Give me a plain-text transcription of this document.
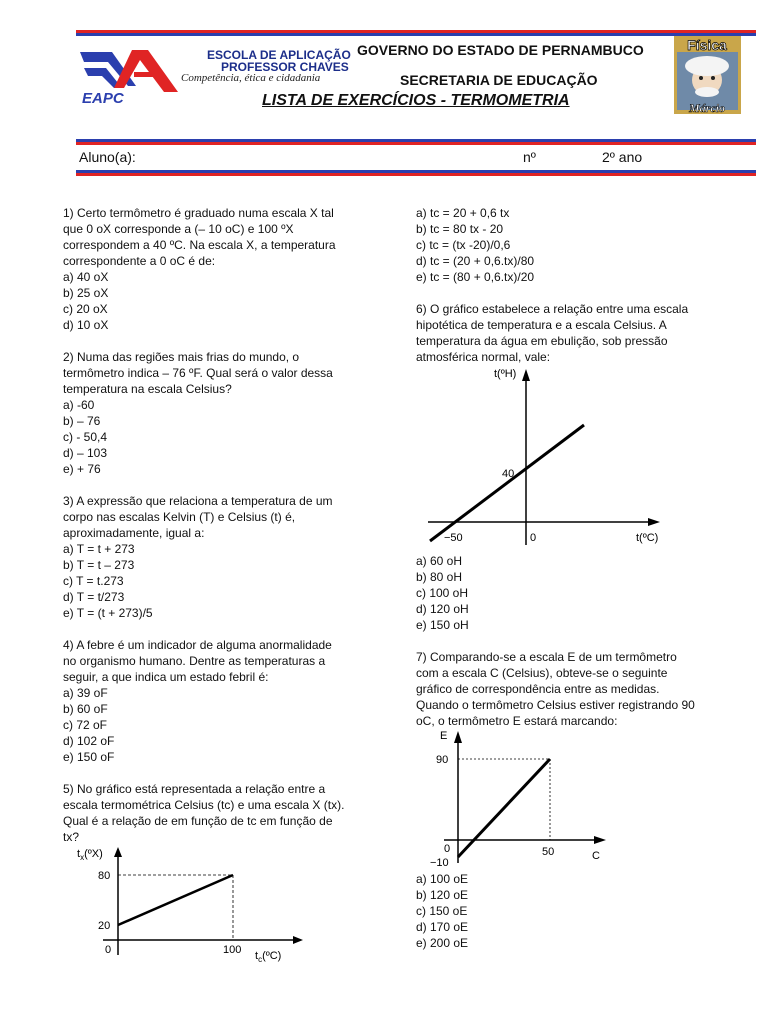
EAPC
ESCOLA DE APLICAÇÃO
PROFESSOR CHAVES
Competência, ética e cidadania
GOVERNO DO ESTADO DE PERNAMBUCO
SECRETARIA DE EDUCAÇÃO
LISTA DE EXERCÍCIOS - TERMOMETRIA
Física
Márcio
Aluno(a):	nº	2º ano

1) Certo termômetro é graduado numa escala X tal

que 0 oX corresponde a (– 10 oC) e 100 ºX

correspondem a 40 ºC. Na escala X, a temperatura

correspondente a 0 oC é de:

a) 40 oX

b) 25 oX

c) 20 oX

d) 10 oX

2) Numa das regiões mais frias do mundo, o

termômetro indica – 76 ºF. Qual será o valor dessa

temperatura na escala Celsius?

a) -60

b) – 76

c) - 50,4

d) – 103

e) + 76

3) A expressão que relaciona a temperatura de um

corpo nas escalas Kelvin (T) e Celsius (t) é,

aproximadamente, igual a:

a) T = t + 273

b) T = t – 273

c) T = t.273

d) T = t/273

e) T = (t + 273)/5

4) A febre é um indicador de alguma anormalidade

no organismo humano. Dentre as temperaturas a

seguir, a que indica um estado febril é:

a) 39 oF

b) 60 oF

c) 72 oF

d) 102 oF

e) 150 oF

5) No gráfico está representada a relação entre a

escala termométrica Celsius (tc) e uma escala X (tx).

Qual é a relação de em função de tc em função de

tx?

$t_x(ºX)$
80
20
0	100 $t_c(ºC)$

a) tc = 20 + 0,6 tx

b) tc = 80 tx - 20

c) tc = (tx -20)/0,6

d) tc = (20 + 0,6.tx)/80

e) tc = (80 + 0,6.tx)/20

6) O gráfico estabelece a relação entre uma escala

hipotética de temperatura e a escala Celsius. A

temperatura da água em ebulição, sob pressão

atmosférica normal, vale:

t(ºH)
40
−50	0	t(ºC)

a) 60 oH

b) 80 oH

c) 100 oH

d) 120 oH

e) 150 oH

7) Comparando-se a escala E de um termômetro

com a escala C (Celsius), obteve-se o seguinte

gráfico de correspondência entre as medidas.

Quando o termômetro Celsius estiver registrando 90

oC, o termômetro E estará marcando:

E
90
0
−10
50	C

a) 100 oE

b) 120 oE

c) 150 oE

d) 170 oE

e) 200 oE
